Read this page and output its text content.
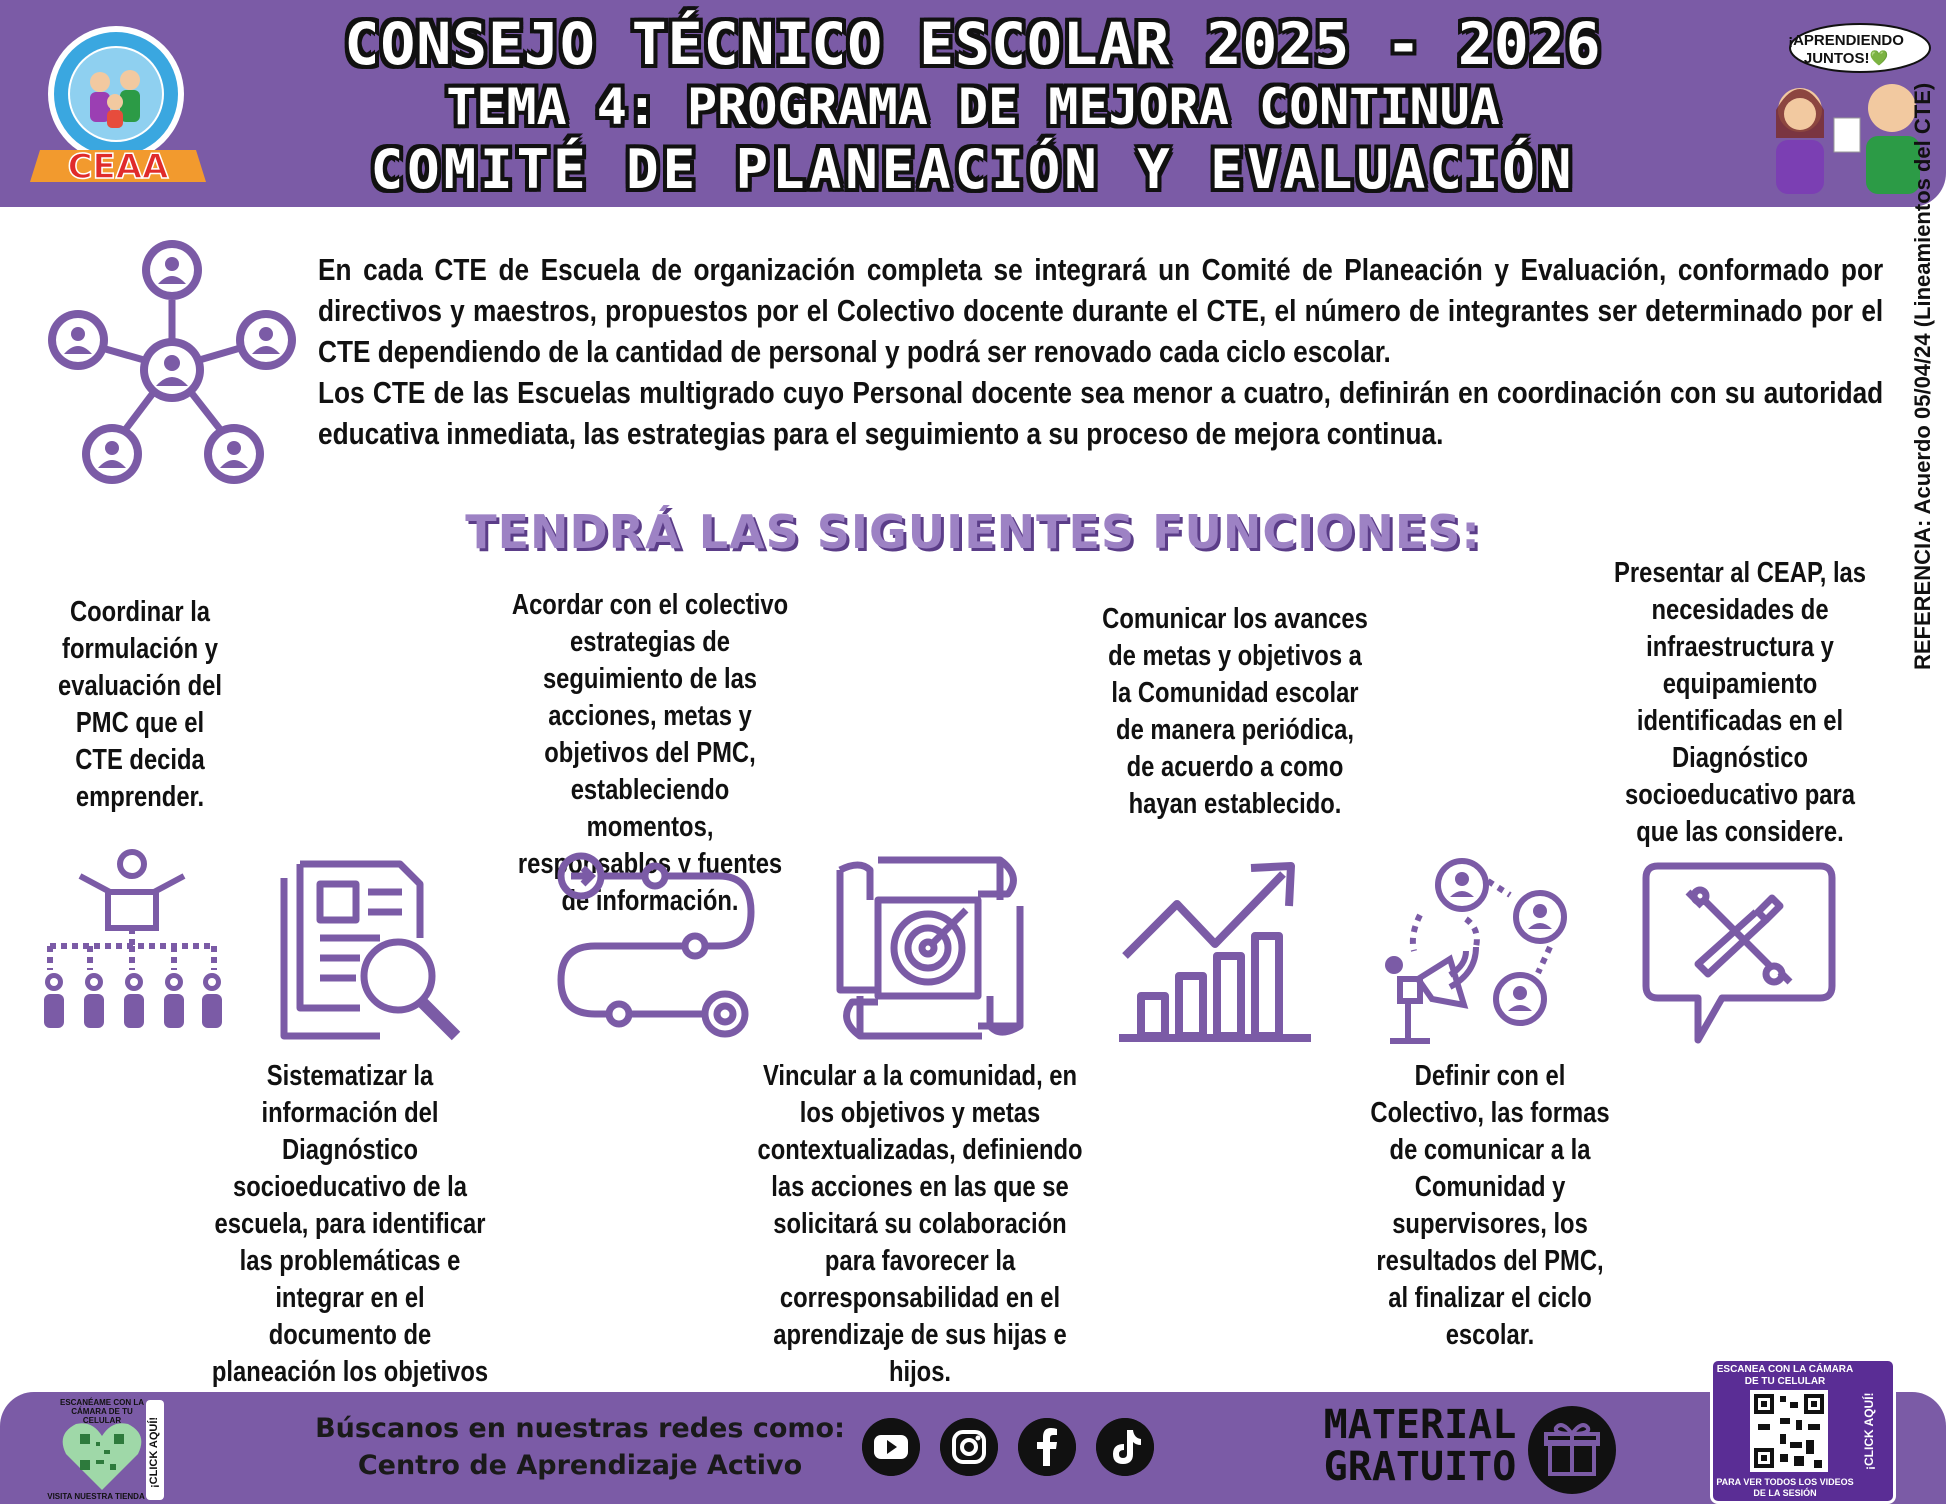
CEAA
CONSEJO TÉCNICO ESCOLAR 2025 - 2026
TEMA 4: PROGRAMA DE MEJORA CONTINUA
COMITÉ DE PLANEACIÓN Y EVALUACIÓN
¡APRENDIENDO JUNTOS!💚

En cada CTE de Escuela de organización completa se integrará un Comité de Planeación y Evaluación, conformado por directivos y maestros, propuestos por el Colectivo docente durante el CTE, el número de integrantes ser determinado por el CTE dependiendo de la cantidad de personal y podrá ser renovado cada ciclo escolar.

Los CTE de las Escuelas multigrado cuyo Personal docente sea menor a cuatro, definirán en coordinación con su autoridad educativa inmediata, las estrategias para el seguimiento a su proceso de mejora continua.	REFERENCIA: Acuerdo 05/04/24 (Lineamientos del CTE)
TENDRÁ LAS SIGUIENTES FUNCIONES:
Coordinar la formulación y evaluación del PMC que el CTE decida emprender.
Sistematizar la información del Diagnóstico socioeducativo de la escuela, para identificar las problemáticas e integrar en el documento de planeación los objetivos
Acordar con el colectivo estrategias de seguimiento de las acciones, metas y objetivos del PMC, estableciendo momentos, responsables y fuentes de información.
Vincular a la comunidad, en los objetivos y metas contextualizadas, definiendo las acciones en las que se solicitará su colaboración para favorecer la corresponsabilidad en el aprendizaje de sus hijas e hijos.
Comunicar los avances de metas y objetivos a la Comunidad escolar de manera periódica, de acuerdo a como hayan establecido.
Definir con el Colectivo, las formas de comunicar a la Comunidad y supervisores, los resultados del PMC, al finalizar el ciclo escolar.
Presentar al CEAP, las necesidades de infraestructura y equipamiento identificadas en el Diagnóstico socioeducativo para que las considere.
ESCANÉAME CON LA CÁMARA DE TU CELULAR
VISITA NUESTRA TIENDA
¡CLICK AQUÍ!	Búscanos en nuestras redes como:
Centro de Aprendizaje Activo
MATERIAL
GRATUITO
ESCANEA CON LA CÁMARA DE TU CELULAR
PARA VER TODOS LOS VIDEOS DE LA SESIÓN
¡CLICK AQUÍ!
